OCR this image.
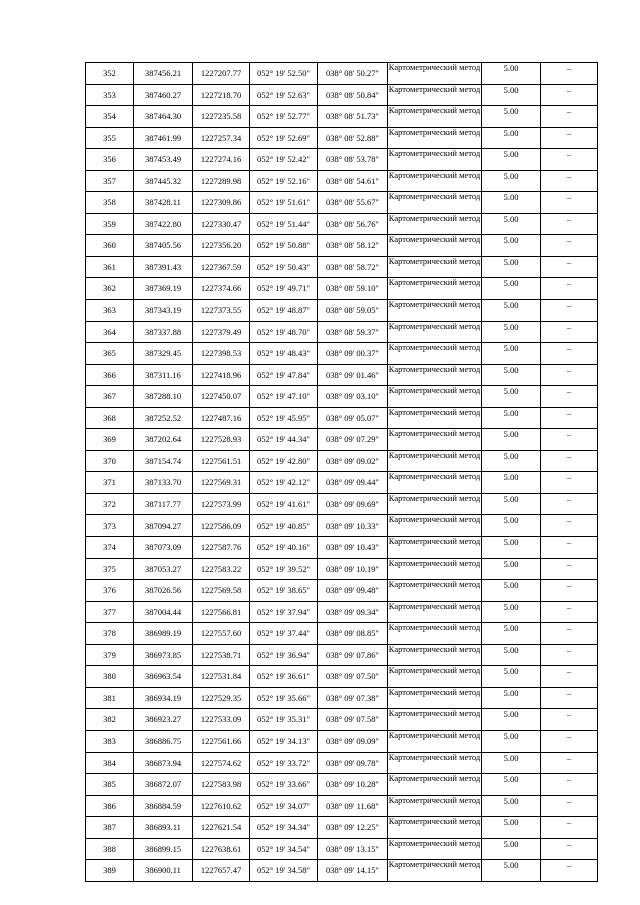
352	387456.21	1227207.77	052° 19' 52.50"	038° 08' 50.27"	Картометрический метод	5.00	–
353	387460.27	1227218.70	052° 19' 52.63"	038° 08' 50.84"	Картометрический метод	5.00	–
354	387464.30	1227235.58	052° 19' 52.77"	038° 08' 51.73"	Картометрический метод	5.00	–
355	387461.99	1227257.34	052° 19' 52.69"	038° 08' 52.88"	Картометрический метод	5.00	–
356	387453.49	1227274.16	052° 19' 52.42"	038° 08' 53.78"	Картометрический метод	5.00	–
357	387445.32	1227289.98	052° 19' 52.16"	038° 08' 54.61"	Картометрический метод	5.00	–
358	387428.11	1227309.86	052° 19' 51.61"	038° 08' 55.67"	Картометрический метод	5.00	–
359	387422.80	1227330.47	052° 19' 51.44"	038° 08' 56.76"	Картометрический метод	5.00	–
360	387405.56	1227356.20	052° 19' 50.88"	038° 08' 58.12"	Картометрический метод	5.00	–
361	387391.43	1227367.59	052° 19' 50.43"	038° 08' 58.72"	Картометрический метод	5.00	–
362	387369.19	1227374.66	052° 19' 49.71"	038° 08' 59.10"	Картометрический метод	5.00	–
363	387343.19	1227373.55	052° 19' 48.87"	038° 08' 59.05"	Картометрический метод	5.00	–
364	387337.88	1227379.49	052° 19' 48.70"	038° 08' 59.37"	Картометрический метод	5.00	–
365	387329.45	1227398.53	052° 19' 48.43"	038° 09' 00.37"	Картометрический метод	5.00	–
366	387311.16	1227418.96	052° 19' 47.84"	038° 09' 01.46"	Картометрический метод	5.00	–
367	387288.10	1227450.07	052° 19' 47.10"	038° 09' 03.10"	Картометрический метод	5.00	–
368	387252.52	1227487.16	052° 19' 45.95"	038° 09' 05.07"	Картометрический метод	5.00	–
369	387202.64	1227528.93	052° 19' 44.34"	038° 09' 07.29"	Картометрический метод	5.00	–
370	387154.74	1227561.51	052° 19' 42.80"	038° 09' 09.02"	Картометрический метод	5.00	–
371	387133.70	1227569.31	052° 19' 42.12"	038° 09' 09.44"	Картометрический метод	5.00	–
372	387117.77	1227573.99	052° 19' 41.61"	038° 09' 09.69"	Картометрический метод	5.00	–
373	387094.27	1227586.09	052° 19' 40.85"	038° 09' 10.33"	Картометрический метод	5.00	–
374	387073.09	1227587.76	052° 19' 40.16"	038° 09' 10.43"	Картометрический метод	5.00	–
375	387053.27	1227583.22	052° 19' 39.52"	038° 09' 10.19"	Картометрический метод	5.00	–
376	387026.56	1227569.58	052° 19' 38.65"	038° 09' 09.48"	Картометрический метод	5.00	–
377	387004.44	1227566.81	052° 19' 37.94"	038° 09' 09.34"	Картометрический метод	5.00	–
378	386989.19	1227557.60	052° 19' 37.44"	038° 09' 08.85"	Картометрический метод	5.00	–
379	386973.85	1227538.71	052° 19' 36.94"	038° 09' 07.86"	Картометрический метод	5.00	–
380	386963.54	1227531.84	052° 19' 36.61"	038° 09' 07.50"	Картометрический метод	5.00	–
381	386934.19	1227529.35	052° 19' 35.66"	038° 09' 07.38"	Картометрический метод	5.00	–
382	386923.27	1227533.09	052° 19' 35.31"	038° 09' 07.58"	Картометрический метод	5.00	–
383	386886.75	1227561.66	052° 19' 34.13"	038° 09' 09.09"	Картометрический метод	5.00	–
384	386873.94	1227574.62	052° 19' 33.72"	038° 09' 09.78"	Картометрический метод	5.00	–
385	386872.07	1227583.98	052° 19' 33.66"	038° 09' 10.28"	Картометрический метод	5.00	–
386	386884.59	1227610.62	052° 19' 34.07"	038° 09' 11.68"	Картометрический метод	5.00	–
387	386893.11	1227621.54	052° 19' 34.34"	038° 09' 12.25"	Картометрический метод	5.00	–
388	386899.15	1227638.61	052° 19' 34.54"	038° 09' 13.15"	Картометрический метод	5.00	–
389	386900.11	1227657.47	052° 19' 34.58"	038° 09' 14.15"	Картометрический метод	5.00	–
